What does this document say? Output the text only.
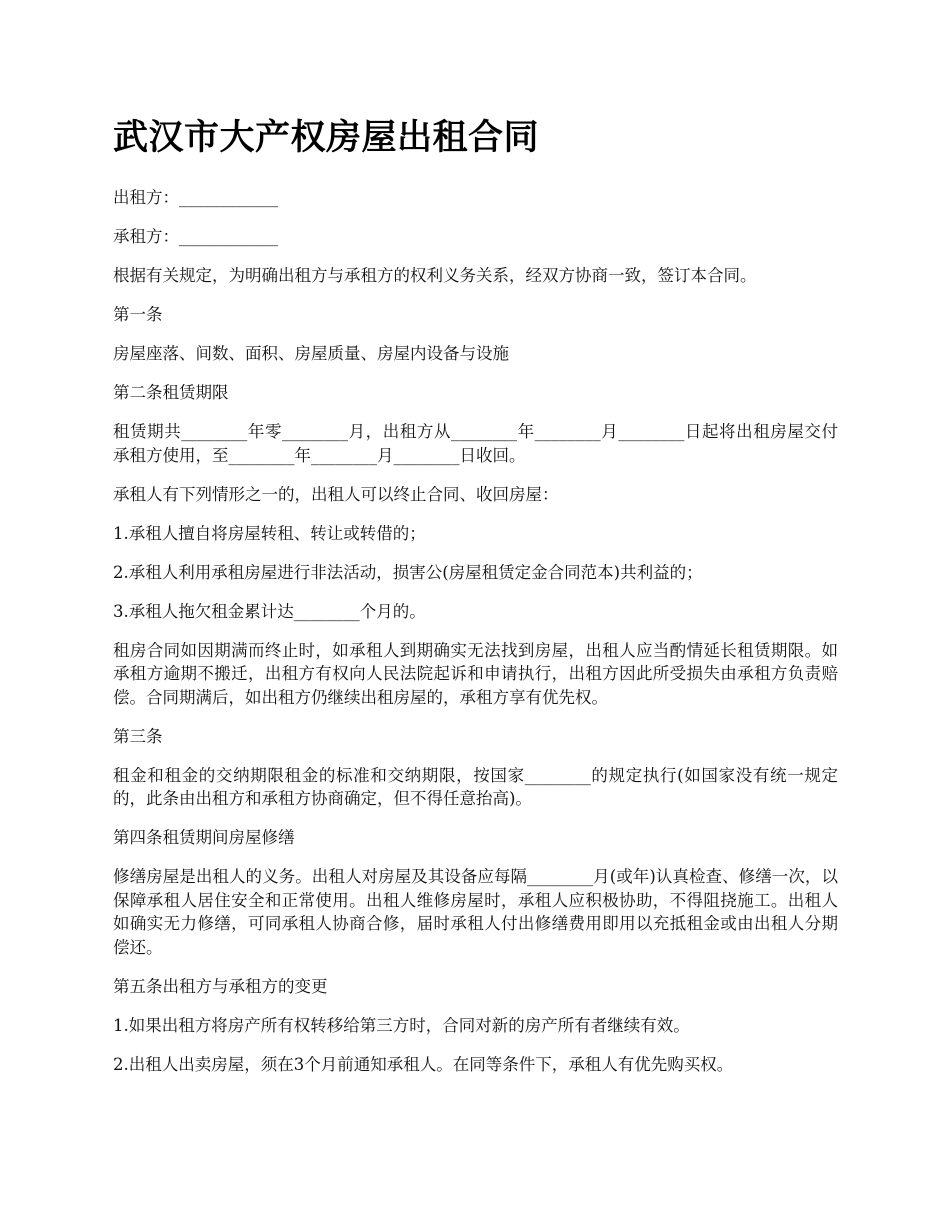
武汉市大产权房屋出租合同

出租方：____________

承租方：____________

根据有关规定，为明确出租方与承租方的权利义务关系，经双方协商一致，签订本合同。

第一条

房屋座落、间数、面积、房屋质量、房屋内设备与设施

第二条租赁期限

租赁期共________年零________月，出租方从________年________月________日起将出租房屋交付承租方使用，至________年________月________日收回。

承租人有下列情形之一的，出租人可以终止合同、收回房屋：

1.承租人擅自将房屋转租、转让或转借的；

2.承租人利用承租房屋进行非法活动，损害公(房屋租赁定金合同范本)共利益的；

3.承租人拖欠租金累计达________个月的。

租房合同如因期满而终止时，如承租人到期确实无法找到房屋，出租人应当酌情延长租赁期限。如承租方逾期不搬迁，出租方有权向人民法院起诉和申请执行，出租方因此所受损失由承租方负责赔偿。合同期满后，如出租方仍继续出租房屋的，承租方享有优先权。

第三条

租金和租金的交纳期限租金的标准和交纳期限，按国家________的规定执行(如国家没有统一规定的，此条由出租方和承租方协商确定，但不得任意抬高)。

第四条租赁期间房屋修缮

修缮房屋是出租人的义务。出租人对房屋及其设备应每隔________月(或年)认真检查、修缮一次，以保障承租人居住安全和正常使用。出租人维修房屋时，承租人应积极协助，不得阻挠施工。出租人如确实无力修缮，可同承租人协商合修，届时承租人付出修缮费用即用以充抵租金或由出租人分期偿还。

第五条出租方与承租方的变更

1.如果出租方将房产所有权转移给第三方时，合同对新的房产所有者继续有效。

2.出租人出卖房屋，须在3个月前通知承租人。在同等条件下，承租人有优先购买权。
